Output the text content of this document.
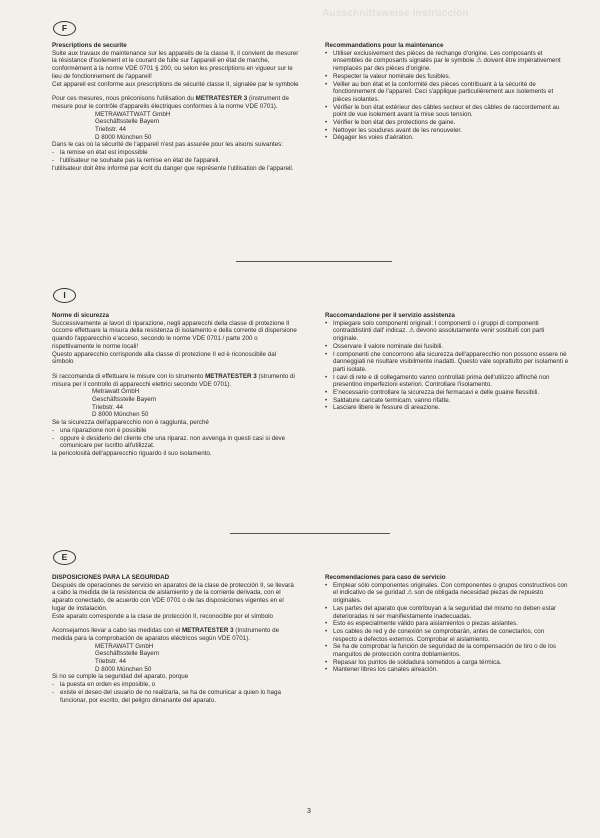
Ausschnittsweise Instruccion
F
Prescriptions de securite

Suite aux travaux de maintenance sur les appareils de la classe II, il convient de mesurer la résistance d'isolement et le courant de fuite sur l'appareil en état de marche, conformément à la norme VDE 0701 § 200, ou selon les prescriptions en vigueur sur le lieu de fonctionnement de l'appareil!

Cet appareil est conforme aux prescriptions de sécurité classe II, signalée par le symbole

Pour ces mesures, nous préconisons l'utilisation du METRATESTER 3 (instrument de mesure pour le contrôle d'appareils électriques conformes à la norme VDE 0701).

METRAWATTWATT GmbH
Geschäftsstelle Bayern
Triebstr. 44
D 8000 München 50

Dans le cas où la sécurité de l'appareil n'est pas assurée pour les aisons suivantes:

- la remise en état est impossible
- l'utilisateur ne souhaite pas la remise en état de l'appareil.

l'utilisateur doit être informé par écrit du danger que représente l'utilisation de l'appareil.

Recommandations pour la maintenance
• Utiliser exclusivement des pièces de rechange d'origine. Les composants et ensembles de composants signalés par le symbole ⚠ doivent être impérativement remplacés par des pièces d'origine.
• Respecter la valeur nominale des fusibles.
• Veiller au bon état et la conformité des pièces contribuant à la sécurité de fonctionnement de l'appareil. Ceci s'applique particulièrement aux isolements et pièces isolantes.
• Vérifier le bon état extérieur des câbles secteur et des câbles de raccordement au point de vue isolement avant la mise sous tension.
• Vérifier le bon état des protections de gaine.
• Nettoyer les soudures avant de les renouveler.
• Dégager les voies d'aération.
I
Norme di sicurezza

Successivamente ai lavori di riparazione, negli apparecchi della classe di protezione II occorre effettuare la misura della resistenza di isolamento e della corrente di dispersione quando l'apparecchio e'acceso, secondo le norme VDE 0701 / parte 200 o rispettivamente le norme locali!

Questo apparecchio corrisponde alla classe di protezione II ed è riconoscibile dal simbolo

Si raccomanda di effettuare le misure con lo strumento METRATESTER 3 (strumento di misura per il controllo di apparecchi elettrici secondo VDE 0701).

Metrawatt GmbH
Geschäftsstelle Bayern
Triebstr. 44
D 8000 München 50

Se la sicurezza dell'apparecchio non è raggiunta, perché

- una riparazione non è possibile
- oppure è desiderio del cliente che una riparaz. non avvenga in questi casi si deve comunicare per iscritto all'utilizzat.

la pericolosità dell'apparecchio riguardo il suo isolamento.

Raccomandazione per il servizio assistenza
• Impiegare solo componenti originali: I componenti o i gruppi di componenti contraddistinti dall' indicaz. ⚠ devono assolutamente venir sostituiti con parti originale.
• Osservare il valore nominale dei fusibili.
• I componenti che concorrono alla sicurezza dell'apparecchio non possono essere nè danneggiati nè risultare visibilmente inadatti. Questo vale soprattutto per isolamenti e parti isolate.
• I cavi di rete e di collegamento vanno controllati prima dell'utilizzo affinchè non presentino imperfezioni esteriori. Controllare l'isolamento.
• E'necessario controllare la sicurezza dei fermacavi e delle guaine flessibili.
• Saldature caricate termicam. vanno rifatte.
• Lasciare libere le fessure di areazione.
E
DISPOSICIONES PARA LA SEGURIDAD

Después de operaciones de servicio en aparatos de la clase de protección II, se llevará a cabo la medida de la resistencia de aislamiento y de la corriente derivada, con el aparato conectado, de acuerdo con VDE 0701 o de las disposiciones vigentes en el lugar de instalación.

Este aparato corresponde a la clase de protección II, reconocible por el símbolo

Aconsejamos llevar a cabo las medidas con el METRATESTER 3 (Instrumento de medida para la comprobación de aparatos eléctricos según VDE 0701).

METRAWATT GmbH
Geschäftsstelle Bayern
Triebstr. 44
D 8000 München 50

Si no se cumple la seguridad del aparato, porque

- la puesta en orden es imposible, o
- existe el deseo del usuario de no realizarla, se ha de comunicar a quien lo haga funcionar, por escrito, del peligro dimanante del aparato.
Recomendaciones para caso de servicio
• Emplear sólo componentes originales. Con componentes o grupos constructivos con el indicativo de se guridad ⚠ son de obligada necesidad piezas de repuesto originales.
• Las partes del aparato que contribuyan a la seguridad del mismo no deben estar deterioradas ni ser manifiestamente inadecuadas.
• Esto es especialmente válido para aislamientos o piezas aislantes.
• Los cables de red y de conexión se comprobarán, antes de conectarlos, con respecto a defectos externos. Comprobar el aislamiento.
• Se ha de comprobar la función de seguridad de la compensación de tiro o de los manguitos de protección contra doblamientos.
• Repasar los puntos de soldadura sometidos a carga térmica.
• Mantener libres los canales aireación.
3
